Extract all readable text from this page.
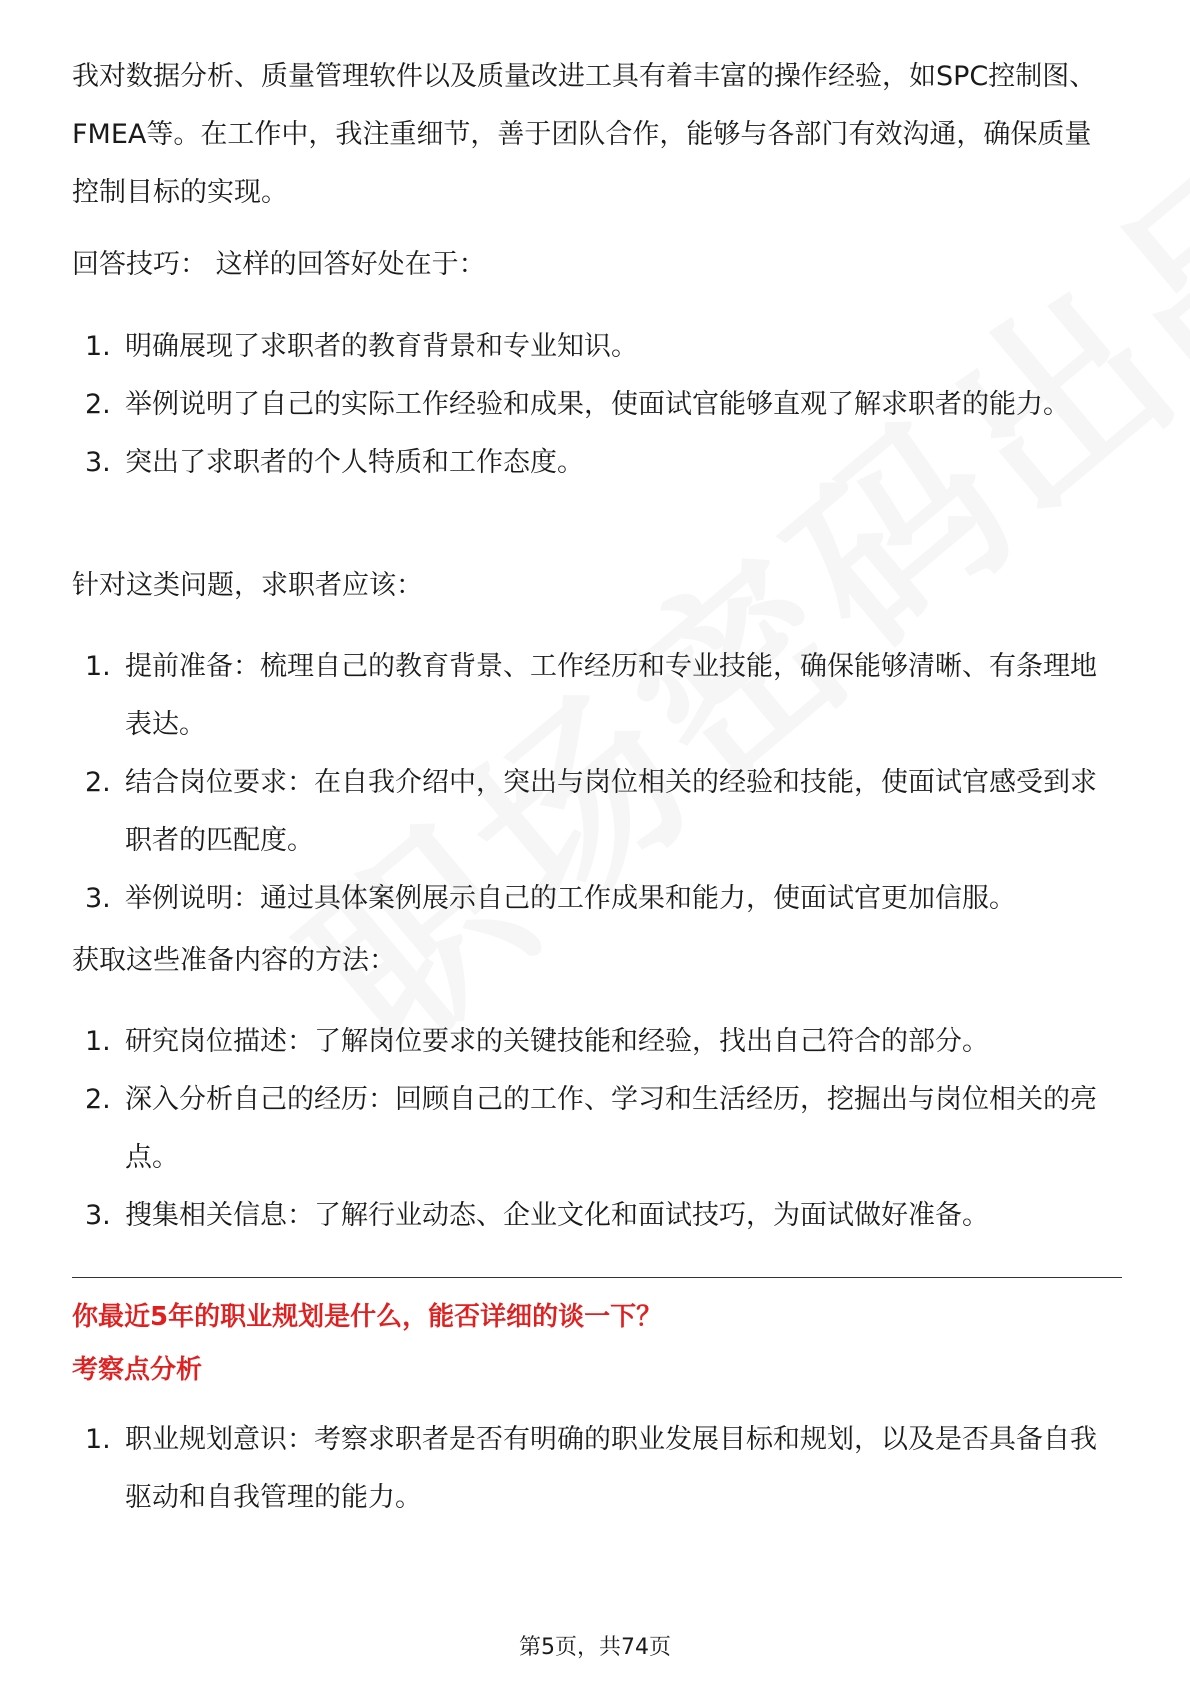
我对数据分析、质量管理软件以及质量改进工具有着丰富的操作经验，如SPC控制图、FMEA等。在工作中，我注重细节，善于团队合作，能够与各部门有效沟通，确保质量控制目标的实现。

回答技巧： 这样的回答好处在于：

1. 明确展现了求职者的教育背景和专业知识。
2. 举例说明了自己的实际工作经验和成果，使面试官能够直观了解求职者的能力。
3. 突出了求职者的个人特质和工作态度。

针对这类问题，求职者应该：

1. 提前准备：梳理自己的教育背景、工作经历和专业技能，确保能够清晰、有条理地表达。
2. 结合岗位要求：在自我介绍中，突出与岗位相关的经验和技能，使面试官感受到求职者的匹配度。
3. 举例说明：通过具体案例展示自己的工作成果和能力，使面试官更加信服。

获取这些准备内容的方法：

1. 研究岗位描述：了解岗位要求的关键技能和经验，找出自己符合的部分。
2. 深入分析自己的经历：回顾自己的工作、学习和生活经历，挖掘出与岗位相关的亮点。
3. 搜集相关信息：了解行业动态、企业文化和面试技巧，为面试做好准备。
你最近5年的职业规划是什么，能否详细的谈一下？
考察点分析
1. 职业规划意识：考察求职者是否有明确的职业发展目标和规划，以及是否具备自我驱动和自我管理的能力。
第5页，共74页
